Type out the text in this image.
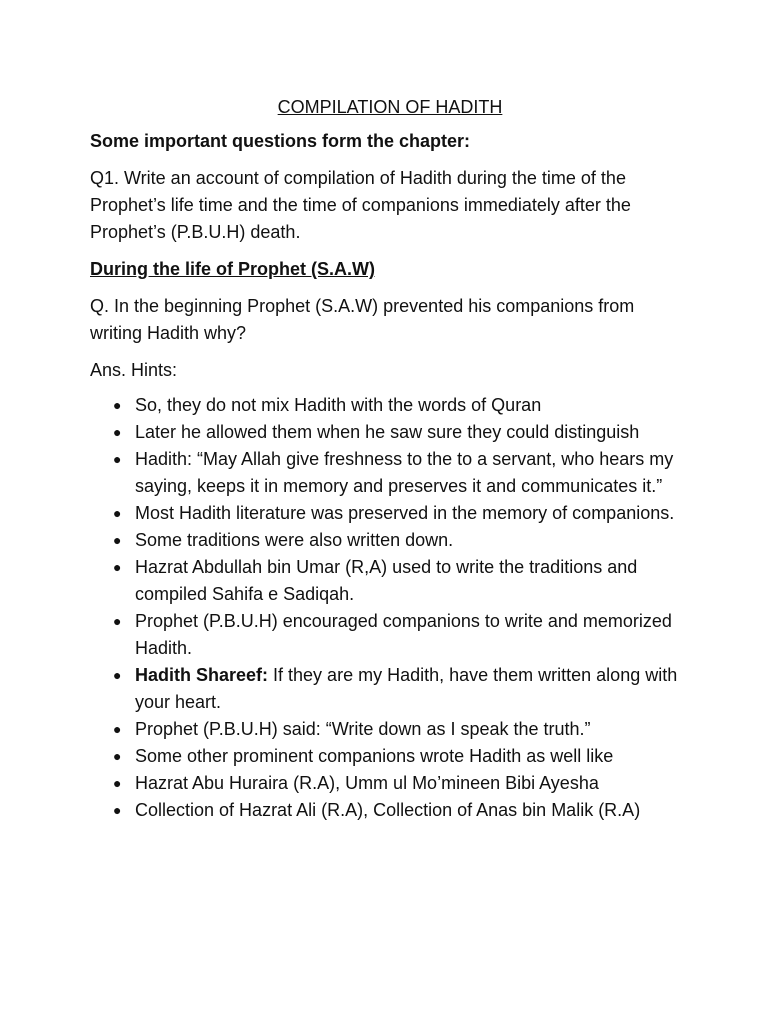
COMPILATION OF HADITH
Some important questions form the chapter:
Q1. Write an account of compilation of Hadith during the time of the Prophet’s life time and the time of companions immediately after the Prophet’s (P.B.U.H) death.
During the life of Prophet (S.A.W)
Q. In the beginning Prophet (S.A.W) prevented his companions from writing Hadith why?
Ans. Hints:
● So, they do not mix Hadith with the words of Quran
● Later he allowed them when he saw sure they could distinguish
● Hadith: “May Allah give freshness to the to a servant, who hears my saying, keeps it in memory and preserves it and communicates it.”
● Most Hadith literature was preserved in the memory of companions.
● Some traditions were also written down.
● Hazrat Abdullah bin Umar (R,A) used to write the traditions and compiled Sahifa e Sadiqah.
● Prophet (P.B.U.H) encouraged companions to write and memorized Hadith.
● Hadith Shareef: If they are my Hadith, have them written along with your heart.
● Prophet (P.B.U.H) said: “Write down as I speak the truth.”
● Some other prominent companions wrote Hadith as well like
● Hazrat Abu Huraira (R.A), Umm ul Mo’mineen Bibi Ayesha
● Collection of Hazrat Ali (R.A), Collection of Anas bin Malik (R.A)
